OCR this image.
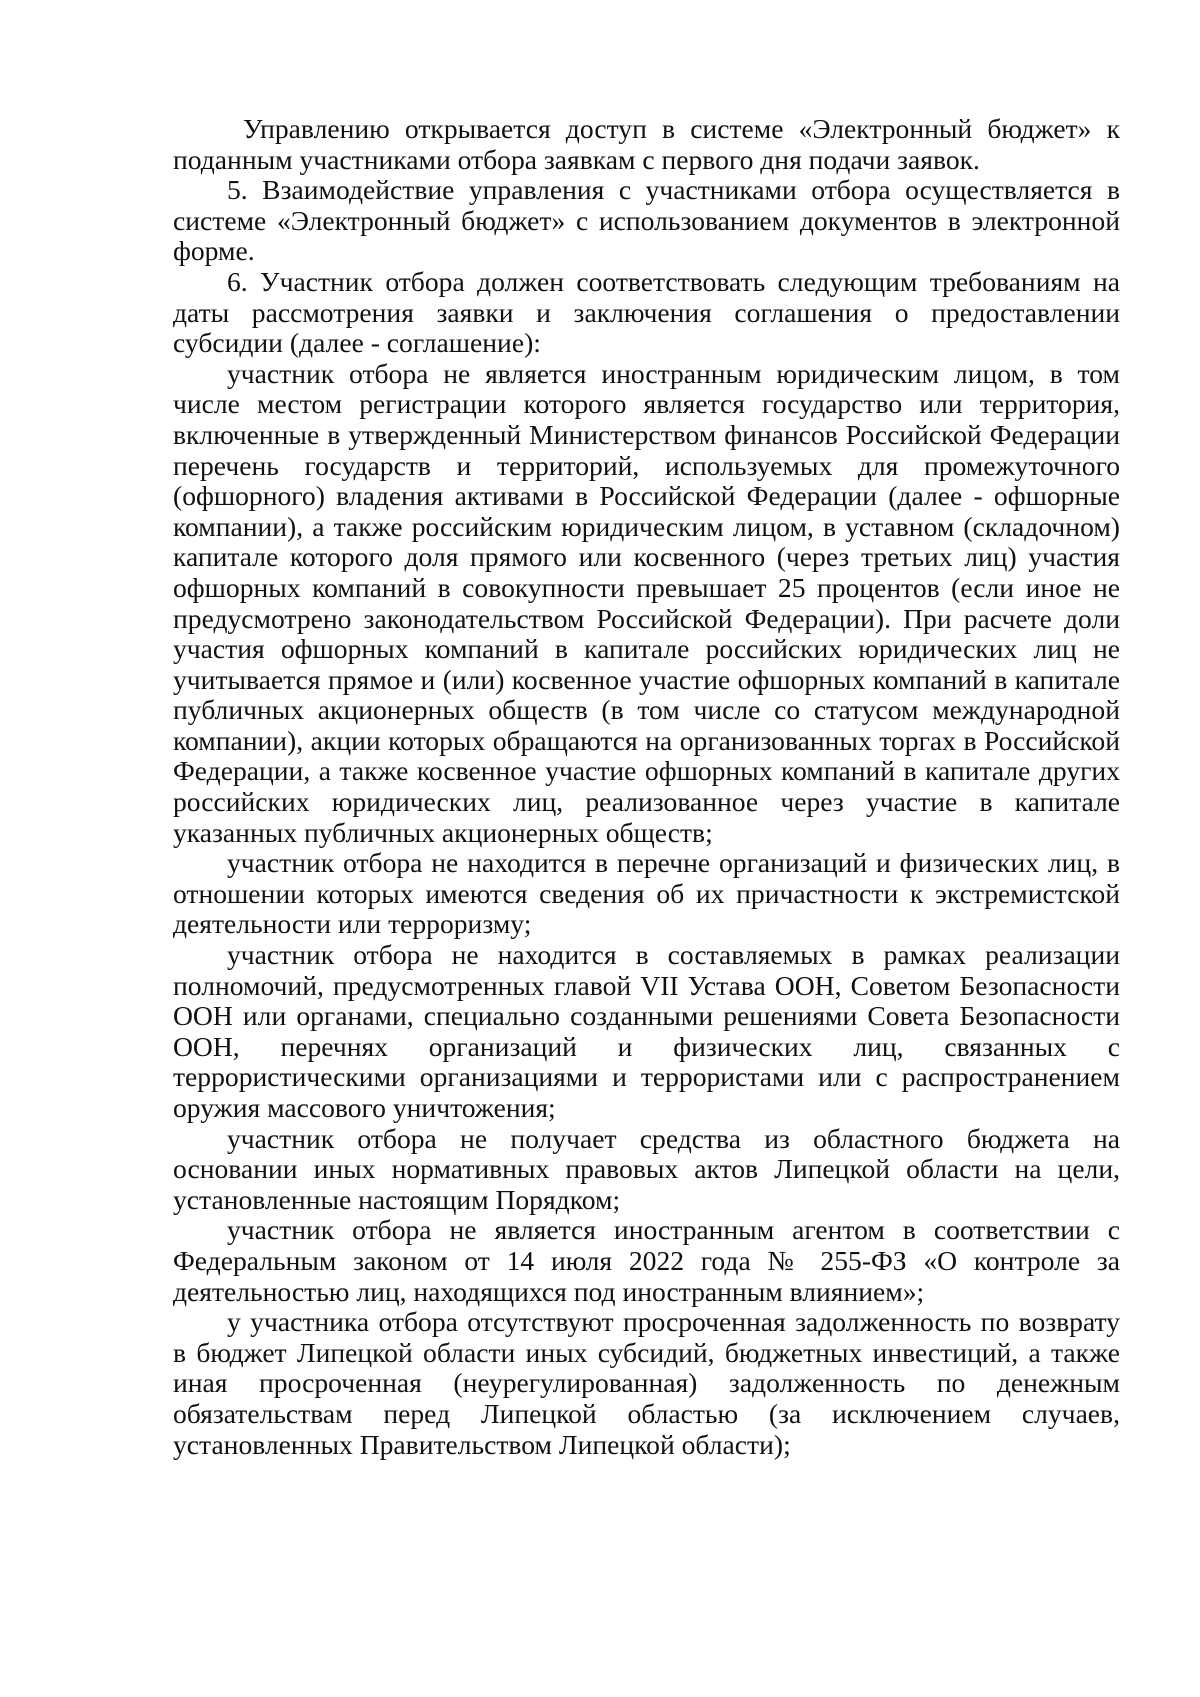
Управлению открывается доступ в системе «Электронный бюджет» к поданным участниками отбора заявкам с первого дня подачи заявок.

5. Взаимодействие управления с участниками отбора осуществляется в системе «Электронный бюджет» с использованием документов в электронной форме.

6. Участник отбора должен соответствовать следующим требованиям на даты рассмотрения заявки и заключения соглашения о предоставлении субсидии (далее - соглашение):

участник отбора не является иностранным юридическим лицом, в том числе местом регистрации которого является государство или территория, включенные в утвержденный Министерством финансов Российской Федерации перечень государств и территорий, используемых для промежуточного (офшорного) владения активами в Российской Федерации (далее - офшорные компании), а также российским юридическим лицом, в уставном (складочном) капитале которого доля прямого или косвенного (через третьих лиц) участия офшорных компаний в совокупности превышает 25 процентов (если иное не предусмотрено законодательством Российской Федерации). При расчете доли участия офшорных компаний в капитале российских юридических лиц не учитывается прямое и (или) косвенное участие офшорных компаний в капитале публичных акционерных обществ (в том числе со статусом международной компании), акции которых обращаются на организованных торгах в Российской Федерации, а также косвенное участие офшорных компаний в капитале других российских юридических лиц, реализованное через участие в капитале указанных публичных акционерных обществ;

участник отбора не находится в перечне организаций и физических лиц, в отношении которых имеются сведения об их причастности к экстремистской деятельности или терроризму;

участник отбора не находится в составляемых в рамках реализации полномочий, предусмотренных главой VII Устава ООН, Советом Безопасности ООН или органами, специально созданными решениями Совета Безопасности ООН, перечнях организаций и физических лиц, связанных с террористическими организациями и террористами или с распространением оружия массового уничтожения;

участник отбора не получает средства из областного бюджета на основании иных нормативных правовых актов Липецкой области на цели, установленные настоящим Порядком;

участник отбора не является иностранным агентом в соответствии с Федеральным законом от 14 июля 2022 года № 255-ФЗ «О контроле за деятельностью лиц, находящихся под иностранным влиянием»;

у участника отбора отсутствуют просроченная задолженность по возврату в бюджет Липецкой области иных субсидий, бюджетных инвестиций, а также иная просроченная (неурегулированная) задолженность по денежным обязательствам перед Липецкой областью (за исключением случаев, установленных Правительством Липецкой области);
